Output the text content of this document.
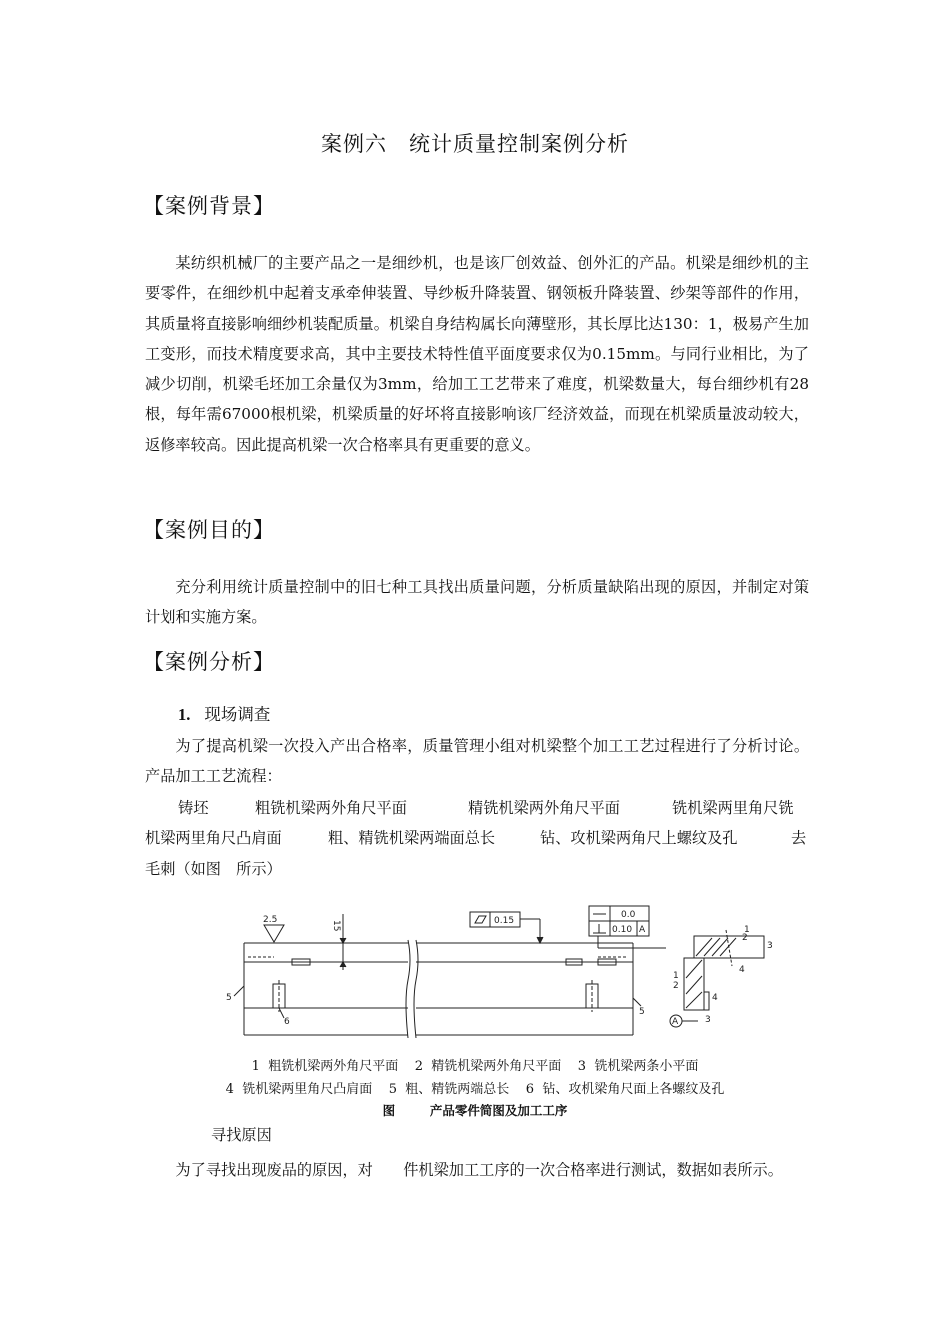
案例六　统计质量控制案例分析
【案例背景】

某纺织机械厂的主要产品之一是细纱机，也是该厂创效益、创外汇的产品。机梁是细纱机的主要零件，在细纱机中起着支承牵伸装置、导纱板升降装置、钢领板升降装置、纱架等部件的作用，其质量将直接影响细纱机装配质量。机梁自身结构属长向薄壁形，其长厚比达130：1，极易产生加工变形，而技术精度要求高，其中主要技术特性值平面度要求仅为0.15mm。与同行业相比，为了减少切削，机梁毛坯加工余量仅为3mm，给加工工艺带来了难度，机梁数量大，每台细纱机有28根，每年需67000根机梁，机梁质量的好坏将直接影响该厂经济效益，而现在机梁质量波动较大，返修率较高。因此提高机梁一次合格率具有更重要的意义。

【案例目的】

充分利用统计质量控制中的旧七种工具找出质量问题，分析质量缺陷出现的原因，并制定对策计划和实施方案。

【案例分析】
1. 现场调查

为了提高机梁一次投入产出合格率，质量管理小组对机梁整个加工工艺过程进行了分析讨论。产品加工工艺流程：

铸坯	粗铣机梁两外角尺平面	精铣机梁两外角尺平面	铣机梁两里角尺铣
机梁两里角尺凸肩面	粗、精铣机梁两端面总长	钻、攻机梁两角尺上螺纹及孔	去
毛刺（如图　所示）
2.5	15	0.15
0.0
0.10 A	1
2
3
4
1
2
4
3
A
5
5
6
1  粗铣机梁两外角尺平面    2  精铣机梁两外角尺平面    3  铣机梁两条小平面
4  铣机梁两里角尺凸肩面    5  粗、精铣两端总长    6  钻、攻机梁角尺面上各螺纹及孔
图        产品零件简图及加工工序
寻找原因

为了寻找出现废品的原因，对　　件机梁加工工序的一次合格率进行测试，数据如表所示。
